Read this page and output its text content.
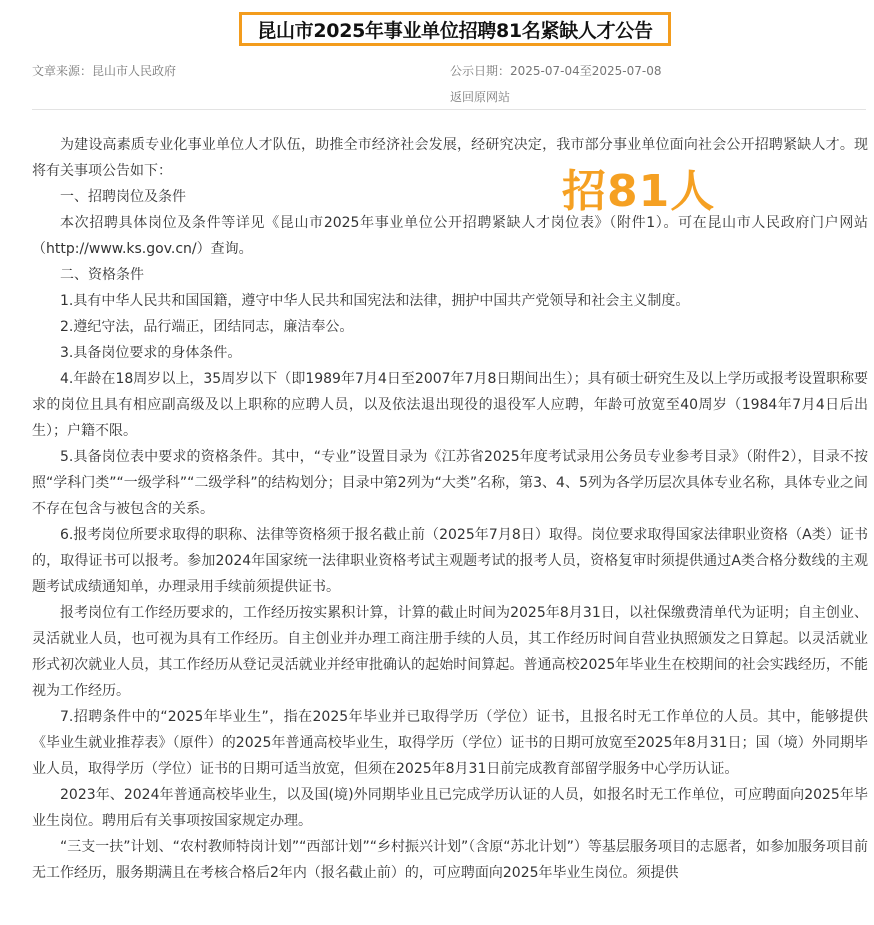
昆山市2025年事业单位招聘81名紧缺人才公告
文章来源：昆山市人民政府	公示日期：2025-07-04至2025-07-08
返回原网站

为建设高素质专业化事业单位人才队伍，助推全市经济社会发展，经研究决定，我市部分事业单位面向社会公开招聘紧缺人才。现将有关事项公告如下：

一、招聘岗位及条件

本次招聘具体岗位及条件等详见《昆山市2025年事业单位公开招聘紧缺人才岗位表》（附件1）。可在昆山市人民政府门户网站（http://www.ks.gov.cn/）查询。

二、资格条件

1.具有中华人民共和国国籍，遵守中华人民共和国宪法和法律，拥护中国共产党领导和社会主义制度。

2.遵纪守法，品行端正，团结同志，廉洁奉公。

3.具备岗位要求的身体条件。

4.年龄在18周岁以上，35周岁以下（即1989年7月4日至2007年7月8日期间出生）；具有硕士研究生及以上学历或报考设置职称要求的岗位且具有相应副高级及以上职称的应聘人员，以及依法退出现役的退役军人应聘，年龄可放宽至40周岁（1984年7月4日后出生）；户籍不限。

5.具备岗位表中要求的资格条件。其中，“专业”设置目录为《江苏省2025年度考试录用公务员专业参考目录》（附件2），目录不按照“学科门类”“一级学科”“二级学科”的结构划分；目录中第2列为“大类”名称，第3、4、5列为各学历层次具体专业名称，具体专业之间不存在包含与被包含的关系。

6.报考岗位所要求取得的职称、法律等资格须于报名截止前（2025年7月8日）取得。岗位要求取得国家法律职业资格（A类）证书的，取得证书可以报考。参加2024年国家统一法律职业资格考试主观题考试的报考人员，资格复审时须提供通过A类合格分数线的主观题考试成绩通知单，办理录用手续前须提供证书。

报考岗位有工作经历要求的，工作经历按实累积计算，计算的截止时间为2025年8月31日，以社保缴费清单代为证明；自主创业、灵活就业人员，也可视为具有工作经历。自主创业并办理工商注册手续的人员，其工作经历时间自营业执照颁发之日算起。以灵活就业形式初次就业人员，其工作经历从登记灵活就业并经审批确认的起始时间算起。普通高校2025年毕业生在校期间的社会实践经历，不能视为工作经历。

7.招聘条件中的“2025年毕业生”，指在2025年毕业并已取得学历（学位）证书，且报名时无工作单位的人员。其中，能够提供《毕业生就业推荐表》（原件）的2025年普通高校毕业生，取得学历（学位）证书的日期可放宽至2025年8月31日；国（境）外同期毕业人员，取得学历（学位）证书的日期可适当放宽，但须在2025年8月31日前完成教育部留学服务中心学历认证。

2023年、2024年普通高校毕业生，以及国(境)外同期毕业且已完成学历认证的人员，如报名时无工作单位，可应聘面向2025年毕业生岗位。聘用后有关事项按国家规定办理。

“三支一扶”计划、“农村教师特岗计划”“西部计划”“乡村振兴计划”（含原“苏北计划”）等基层服务项目的志愿者，如参加服务项目前无工作经历，服务期满且在考核合格后2年内（报名截止前）的，可应聘面向2025年毕业生岗位。须提供

招81人
